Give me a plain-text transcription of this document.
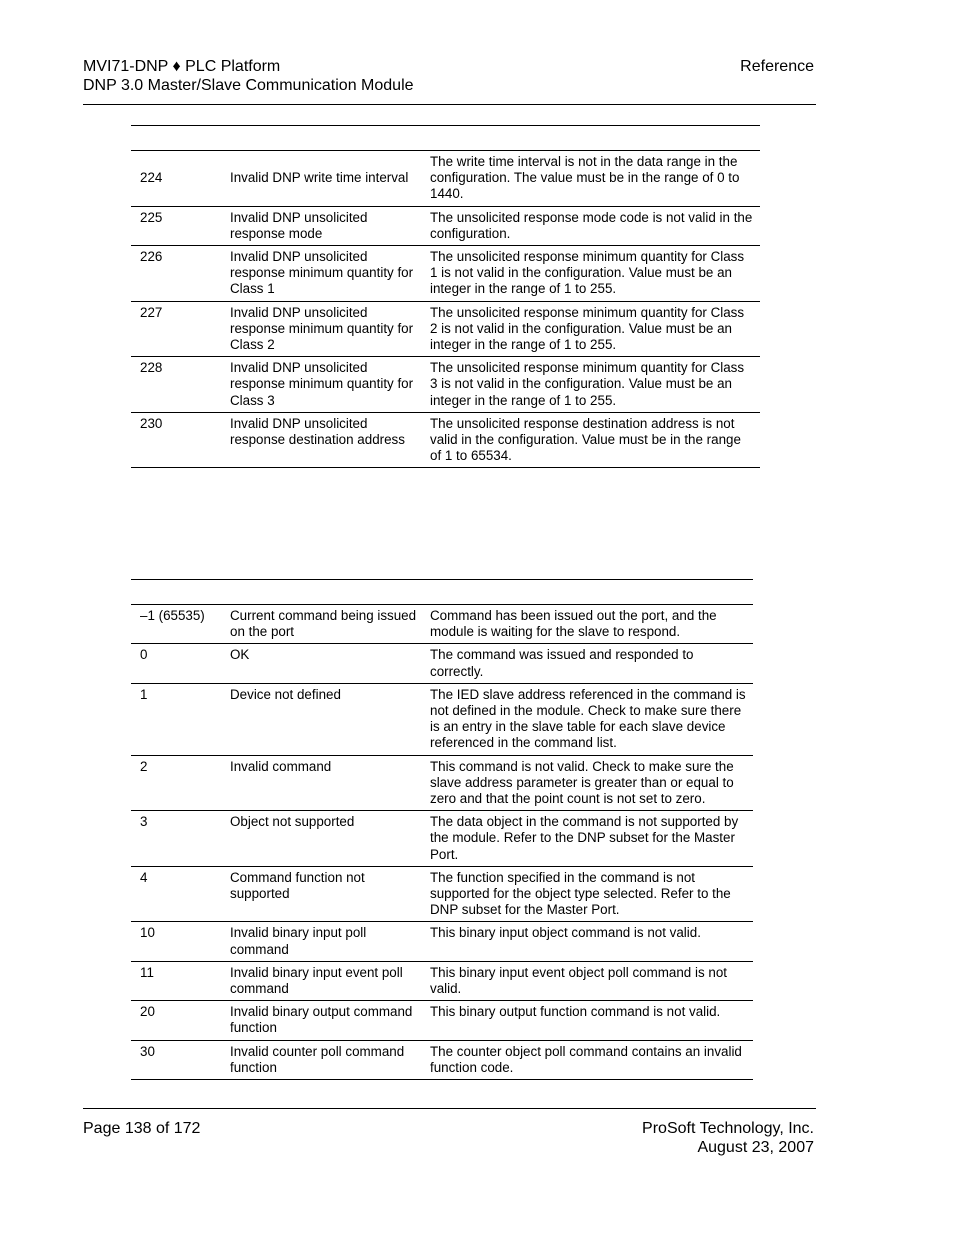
MVI71-DNP ♦ PLC Platform
DNP 3.0 Master/Slave Communication Module
Reference

224	Invalid DNP write time interval	The write time interval is not in the data range in the configuration. The value must be in the range of 0 to 1440.
225	Invalid DNP unsolicited response mode	The unsolicited response mode code is not valid in the configuration.
226	Invalid DNP unsolicited response minimum quantity for Class 1	The unsolicited response minimum quantity for Class 1 is not valid in the configuration. Value must be an integer in the range of 1 to 255.
227	Invalid DNP unsolicited response minimum quantity for Class 2	The unsolicited response minimum quantity for Class 2 is not valid in the configuration. Value must be an integer in the range of 1 to 255.
228	Invalid DNP unsolicited response minimum quantity for Class 3	The unsolicited response minimum quantity for Class 3 is not valid in the configuration. Value must be an integer in the range of 1 to 255.
230	Invalid DNP unsolicited response destination address	The unsolicited response destination address is not valid in the configuration. Value must be in the range of 1 to 65534.

–1 (65535)	Current command being issued on the port	Command has been issued out the port, and the module is waiting for the slave to respond.
0	OK	The command was issued and responded to correctly.
1	Device not defined	The IED slave address referenced in the command is not defined in the module. Check to make sure there is an entry in the slave table for each slave device referenced in the command list.
2	Invalid command	This command is not valid. Check to make sure the slave address parameter is greater than or equal to zero and that the point count is not set to zero.
3	Object not supported	The data object in the command is not supported by the module. Refer to the DNP subset for the Master Port.
4	Command function not supported	The function specified in the command is not supported for the object type selected. Refer to the DNP subset for the Master Port.
10	Invalid binary input poll command	This binary input object command is not valid.
11	Invalid binary input event poll command	This binary input event object poll command is not valid.
20	Invalid binary output command function	This binary output function command is not valid.
30	Invalid counter poll command function	The counter object poll command contains an invalid function code.
Page 138 of 172	ProSoft Technology, Inc.
August 23, 2007
